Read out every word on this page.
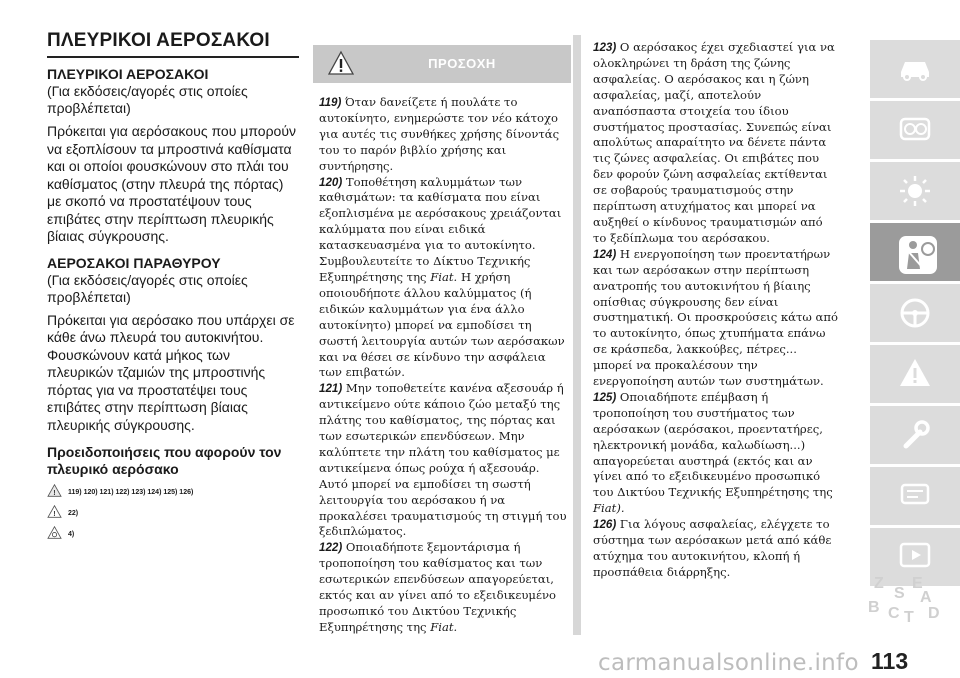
ΠΛΕΥΡΙΚΟΙ ΑΕΡΟΣΑΚΟΙ

ΠΛΕΥΡΙΚΟΙ ΑΕΡΟΣΑΚΟΙ

(Για εκδόσεις/αγορές στις οποίες προβλέπεται)

Πρόκειται για αερόσακους που μπορούν να εξοπλίσουν τα μπροστινά καθίσματα και οι οποίοι φουσκώνουν στο πλάι του καθίσματος (στην πλευρά της πόρτας) με σκοπό να προστατέψουν τους επιβάτες στην περίπτωση πλευρικής βίαιας σύγκρουσης.

ΑΕΡΟΣΑΚΟΙ ΠΑΡΑΘΥΡΟΥ

(Για εκδόσεις/αγορές στις οποίες προβλέπεται)

Πρόκειται για αερόσακο που υπάρχει σε κάθε άνω πλευρά του αυτοκινήτου. Φουσκώνουν κατά μήκος των πλευρικών τζαμιών της μπροστινής πόρτας για να προστατέψει τους επιβάτες στην περίπτωση βίαιας πλευρικής σύγκρουσης.

Προειδοποιήσεις που αφορούν τον πλευρικό αερόσακο

! 119) 120) 121) 122) 123) 124) 125) 126)
! 22)
4)
ΠΡΟΣΟΧΗ

119) Όταν δανείζετε ή πουλάτε το αυτοκίνητο, ενημερώστε τον νέο κάτοχο για αυτές τις συνθήκες χρήσης δίνοντάς του το παρόν βιβλίο χρήσης και συντήρησης.

120) Τοποθέτηση καλυμμάτων των καθισμάτων: τα καθίσματα που είναι εξοπλισμένα με αερόσακους χρειάζονται καλύμματα που είναι ειδικά κατασκευασμένα για το αυτοκίνητο. Συμβουλευτείτε το Δίκτυο Τεχνικής Εξυπηρέτησης της Fiat. Η χρήση οποιουδήποτε άλλου καλύμματος (ή ειδικών καλυμμάτων για ένα άλλο αυτοκίνητο) μπορεί να εμποδίσει τη σωστή λειτουργία αυτών των αερόσακων και να θέσει σε κίνδυνο την ασφάλεια των επιβατών.

121) Μην τοποθετείτε κανένα αξεσουάρ ή αντικείμενο ούτε κάποιο ζώο μεταξύ της πλάτης του καθίσματος, της πόρτας και των εσωτερικών επενδύσεων. Μην καλύπτετε την πλάτη του καθίσματος με αντικείμενα όπως ρούχα ή αξεσουάρ. Αυτό μπορεί να εμποδίσει τη σωστή λειτουργία του αερόσακου ή να προκαλέσει τραυματισμούς τη στιγμή του ξεδιπλώματος.

122) Οποιαδήποτε ξεμοντάρισμα ή τροποποίηση του καθίσματος και των εσωτερικών επενδύσεων απαγορεύεται, εκτός και αν γίνει από το εξειδικευμένο προσωπικό του Δικτύου Τεχνικής Εξυπηρέτησης της Fiat.

123) Ο αερόσακος έχει σχεδιαστεί για να ολοκληρώνει τη δράση της ζώνης ασφαλείας. Ο αερόσακος και η ζώνη ασφαλείας, μαζί, αποτελούν αναπόσπαστα στοιχεία του ίδιου συστήματος προστασίας. Συνεπώς είναι απολύτως απαραίτητο να δένετε πάντα τις ζώνες ασφαλείας. Οι επιβάτες που δεν φορούν ζώνη ασφαλείας εκτίθενται σε σοβαρούς τραυματισμούς στην περίπτωση ατυχήματος και μπορεί να αυξηθεί ο κίνδυνος τραυματισμών από το ξεδίπλωμα του αερόσακου.

124) Η ενεργοποίηση των προεντατήρων και των αερόσακων στην περίπτωση ανατροπής του αυτοκινήτου ή βίαιης οπίσθιας σύγκρουσης δεν είναι συστηματική. Οι προσκρούσεις κάτω από το αυτοκίνητο, όπως χτυπήματα επάνω σε κράσπεδα, λακκούβες, πέτρες... μπορεί να προκαλέσουν την ενεργοποίηση αυτών των συστημάτων.

125) Οποιαδήποτε επέμβαση ή τροποποίηση του συστήματος των αερόσακων (αερόσακοι, προεντατήρες, ηλεκτρονική μονάδα, καλωδίωση...) απαγορεύεται αυστηρά (εκτός και αν γίνει από το εξειδικευμένο προσωπικό του Δικτύου Τεχνικής Εξυπηρέτησης της Fiat).

126) Για λόγους ασφαλείας, ελέγχετε το σύστημα των αερόσακων μετά από κάθε ατύχημα του αυτοκινήτου, κλοπή ή προσπάθεια διάρρηξης.

Z E
S
B C T
A
D
113
carmanualsonline.info
